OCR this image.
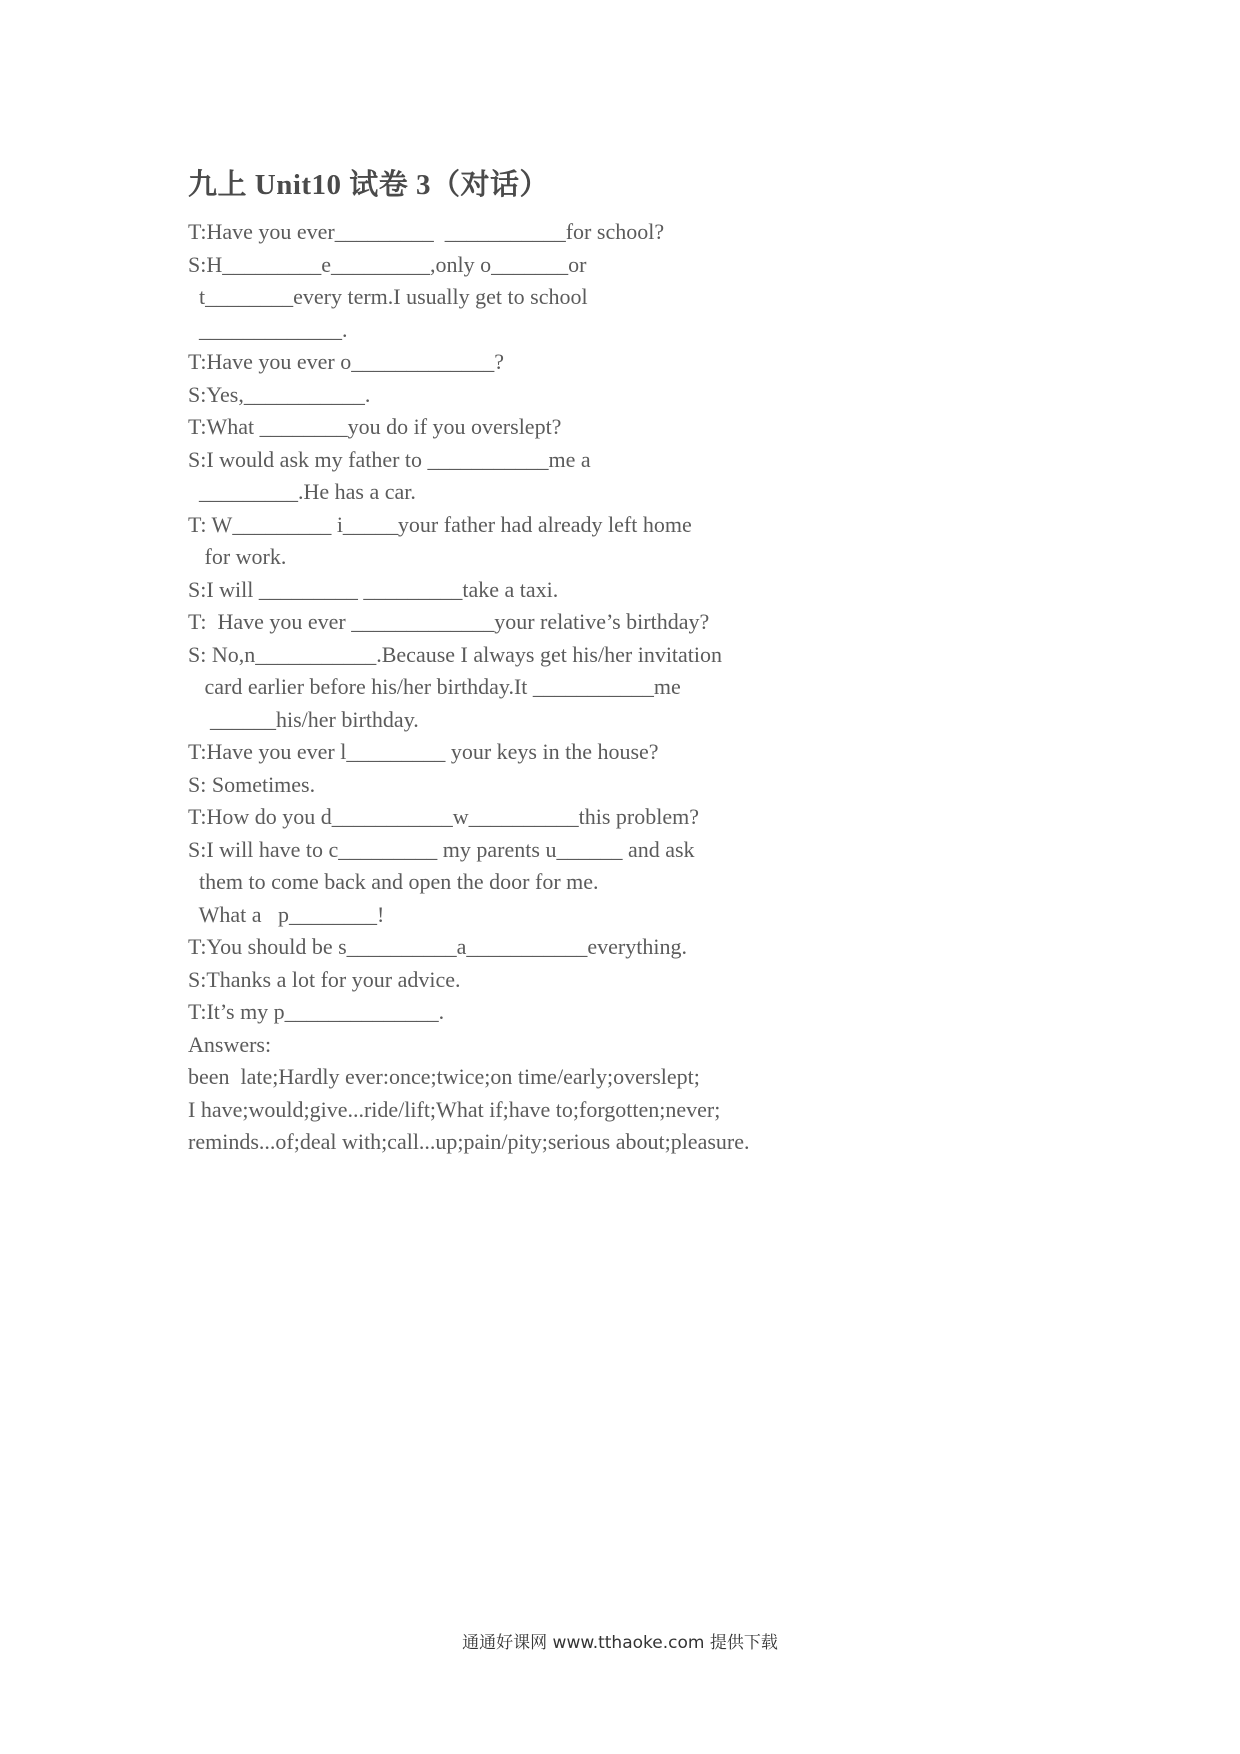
九上 Unit10 试卷 3（对话）
T:Have you ever_________  ___________for school?
S:H_________e_________,only o_______or
t________every term.I usually get to school
_____________.
T:Have you ever o_____________?
S:Yes,___________.
T:What ________you do if you overslept?
S:I would ask my father to ___________me a
_________.He has a car.
T: W_________ i_____your father had already left home
for work.
S:I will _________ _________take a taxi.
T:  Have you ever _____________your relative’s birthday?
S: No,n___________.Because I always get his/her invitation
card earlier before his/her birthday.It ___________me
______his/her birthday.
T:Have you ever l_________ your keys in the house?
S: Sometimes.
T:How do you d___________w__________this problem?
S:I will have to c_________ my parents u______ and ask
them to come back and open the door for me.
What a   p________!
T:You should be s__________a___________everything.
S:Thanks a lot for your advice.
T:It’s my p______________.
Answers:
been  late;Hardly ever:once;twice;on time/early;overslept;
I have;would;give...ride/lift;What if;have to;forgotten;never;
reminds...of;deal with;call...up;pain/pity;serious about;pleasure.
通通好课网 www.tthaoke.com 提供下载
